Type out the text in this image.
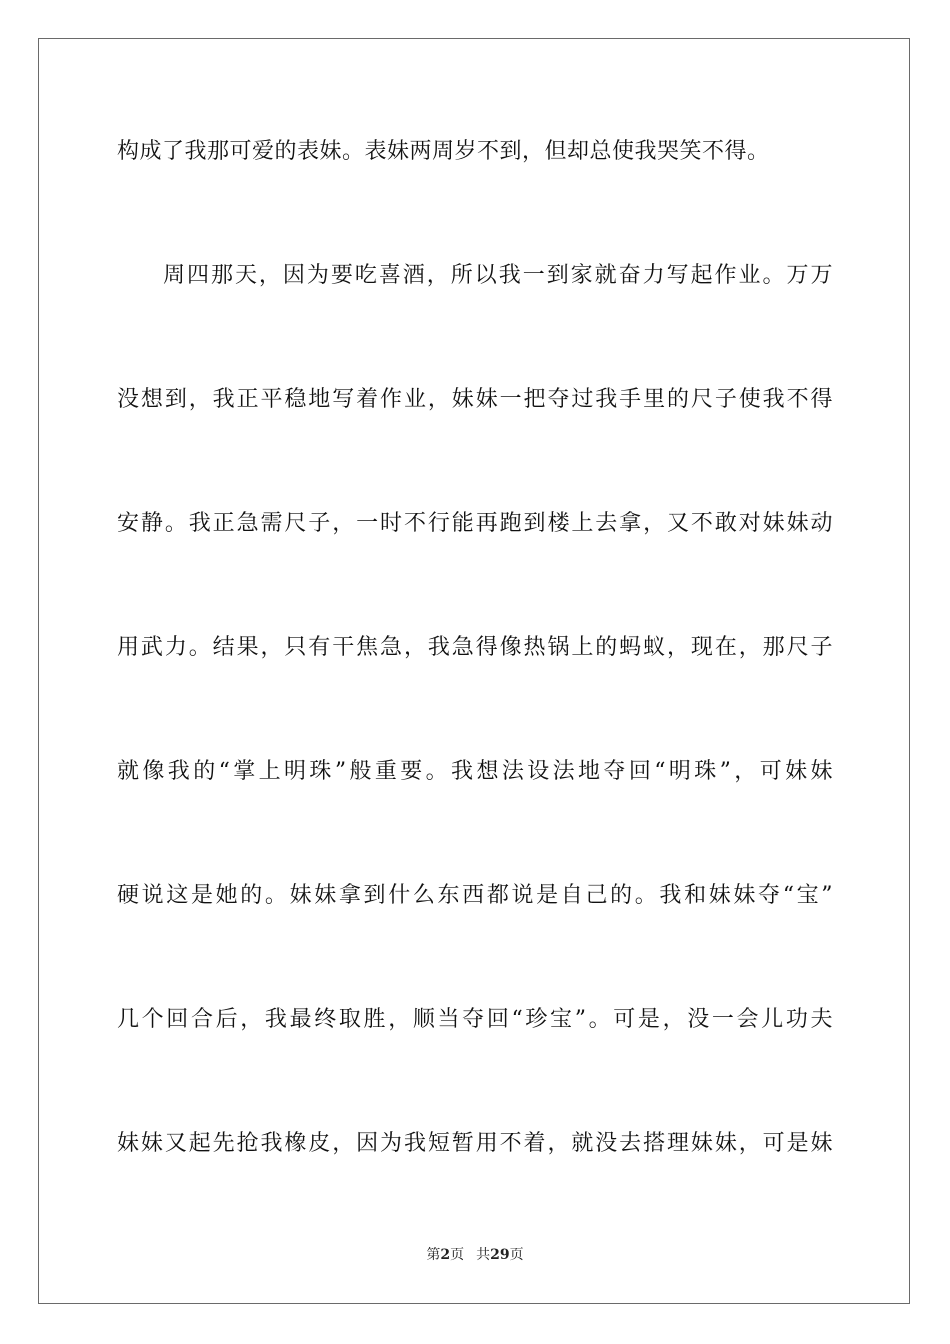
构成了我那可爱的表妹。表妹两周岁不到，但却总使我哭笑不得。
周四那天，因为要吃喜酒，所以我一到家就奋力写起作业。万万
没想到，我正平稳地写着作业，妹妹一把夺过我手里的尺子使我不得
安静。我正急需尺子，一时不行能再跑到楼上去拿，又不敢对妹妹动
用武力。结果，只有干焦急，我急得像热锅上的蚂蚁，现在，那尺子
就像我的“掌上明珠”般重要。我想法设法地夺回“明珠”，可妹妹
硬说这是她的。妹妹拿到什么东西都说是自己的。我和妹妹夺“宝”
几个回合后，我最终取胜，顺当夺回“珍宝”。可是，没一会儿功夫
妹妹又起先抢我橡皮，因为我短暂用不着，就没去搭理妹妹，可是妹
第2页 共29页
